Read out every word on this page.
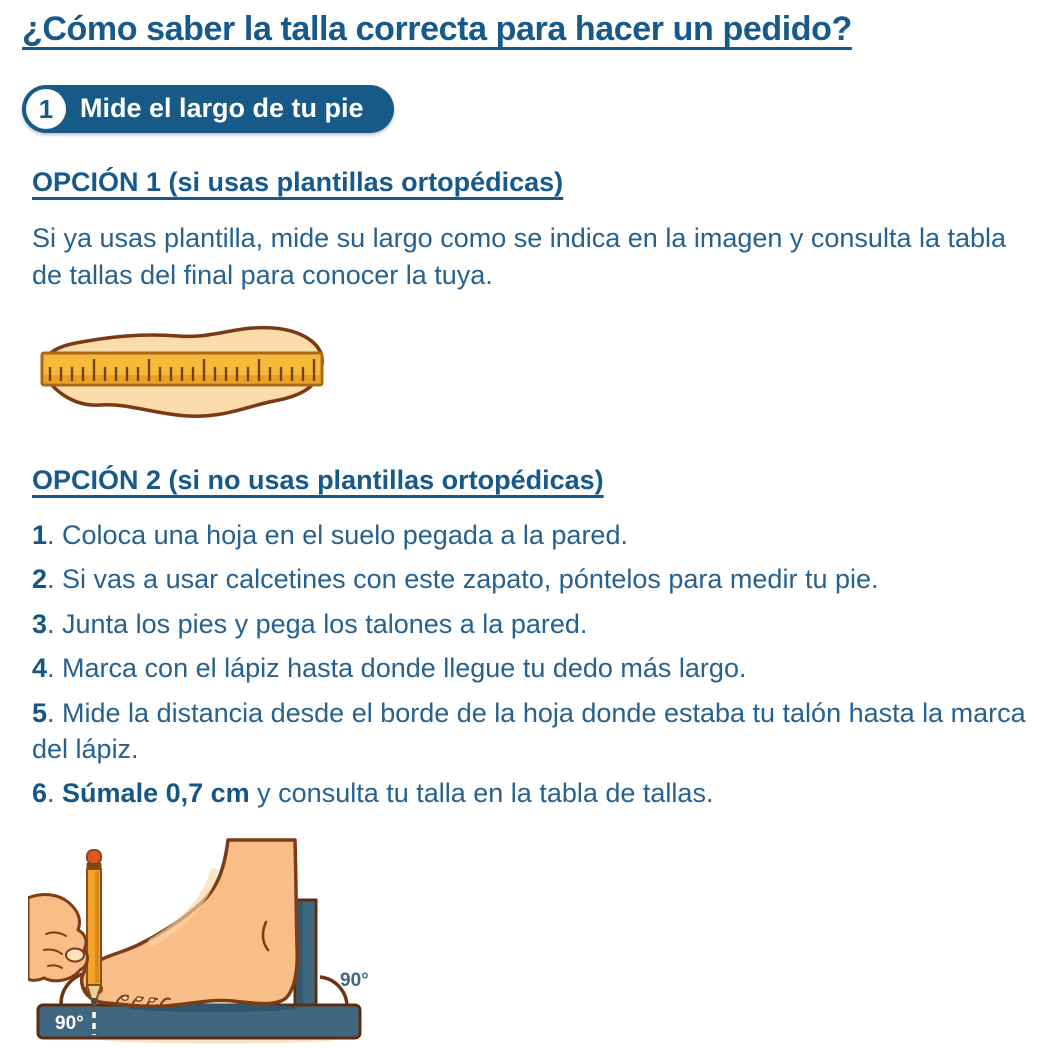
¿Cómo saber la talla correcta para hacer un pedido?
1 Mide el largo de tu pie
OPCIÓN 1 (si usas plantillas ortopédicas)

Si ya usas plantilla, mide su largo como se indica en la imagen y consulta la tabla de tallas del final para conocer la tuya.

OPCIÓN 2 (si no usas plantillas ortopédicas)
1. Coloca una hoja en el suelo pegada a la pared.
2. Si vas a usar calcetines con este zapato, póntelos para medir tu pie.
3. Junta los pies y pega los talones a la pared.
4. Marca con el lápiz hasta donde llegue tu dedo más largo.
5. Mide la distancia desde el borde de la hoja donde estaba tu talón hasta la marca del lápiz.
6. Súmale 0,7 cm y consulta tu talla en la tabla de tallas.
90°
90°
